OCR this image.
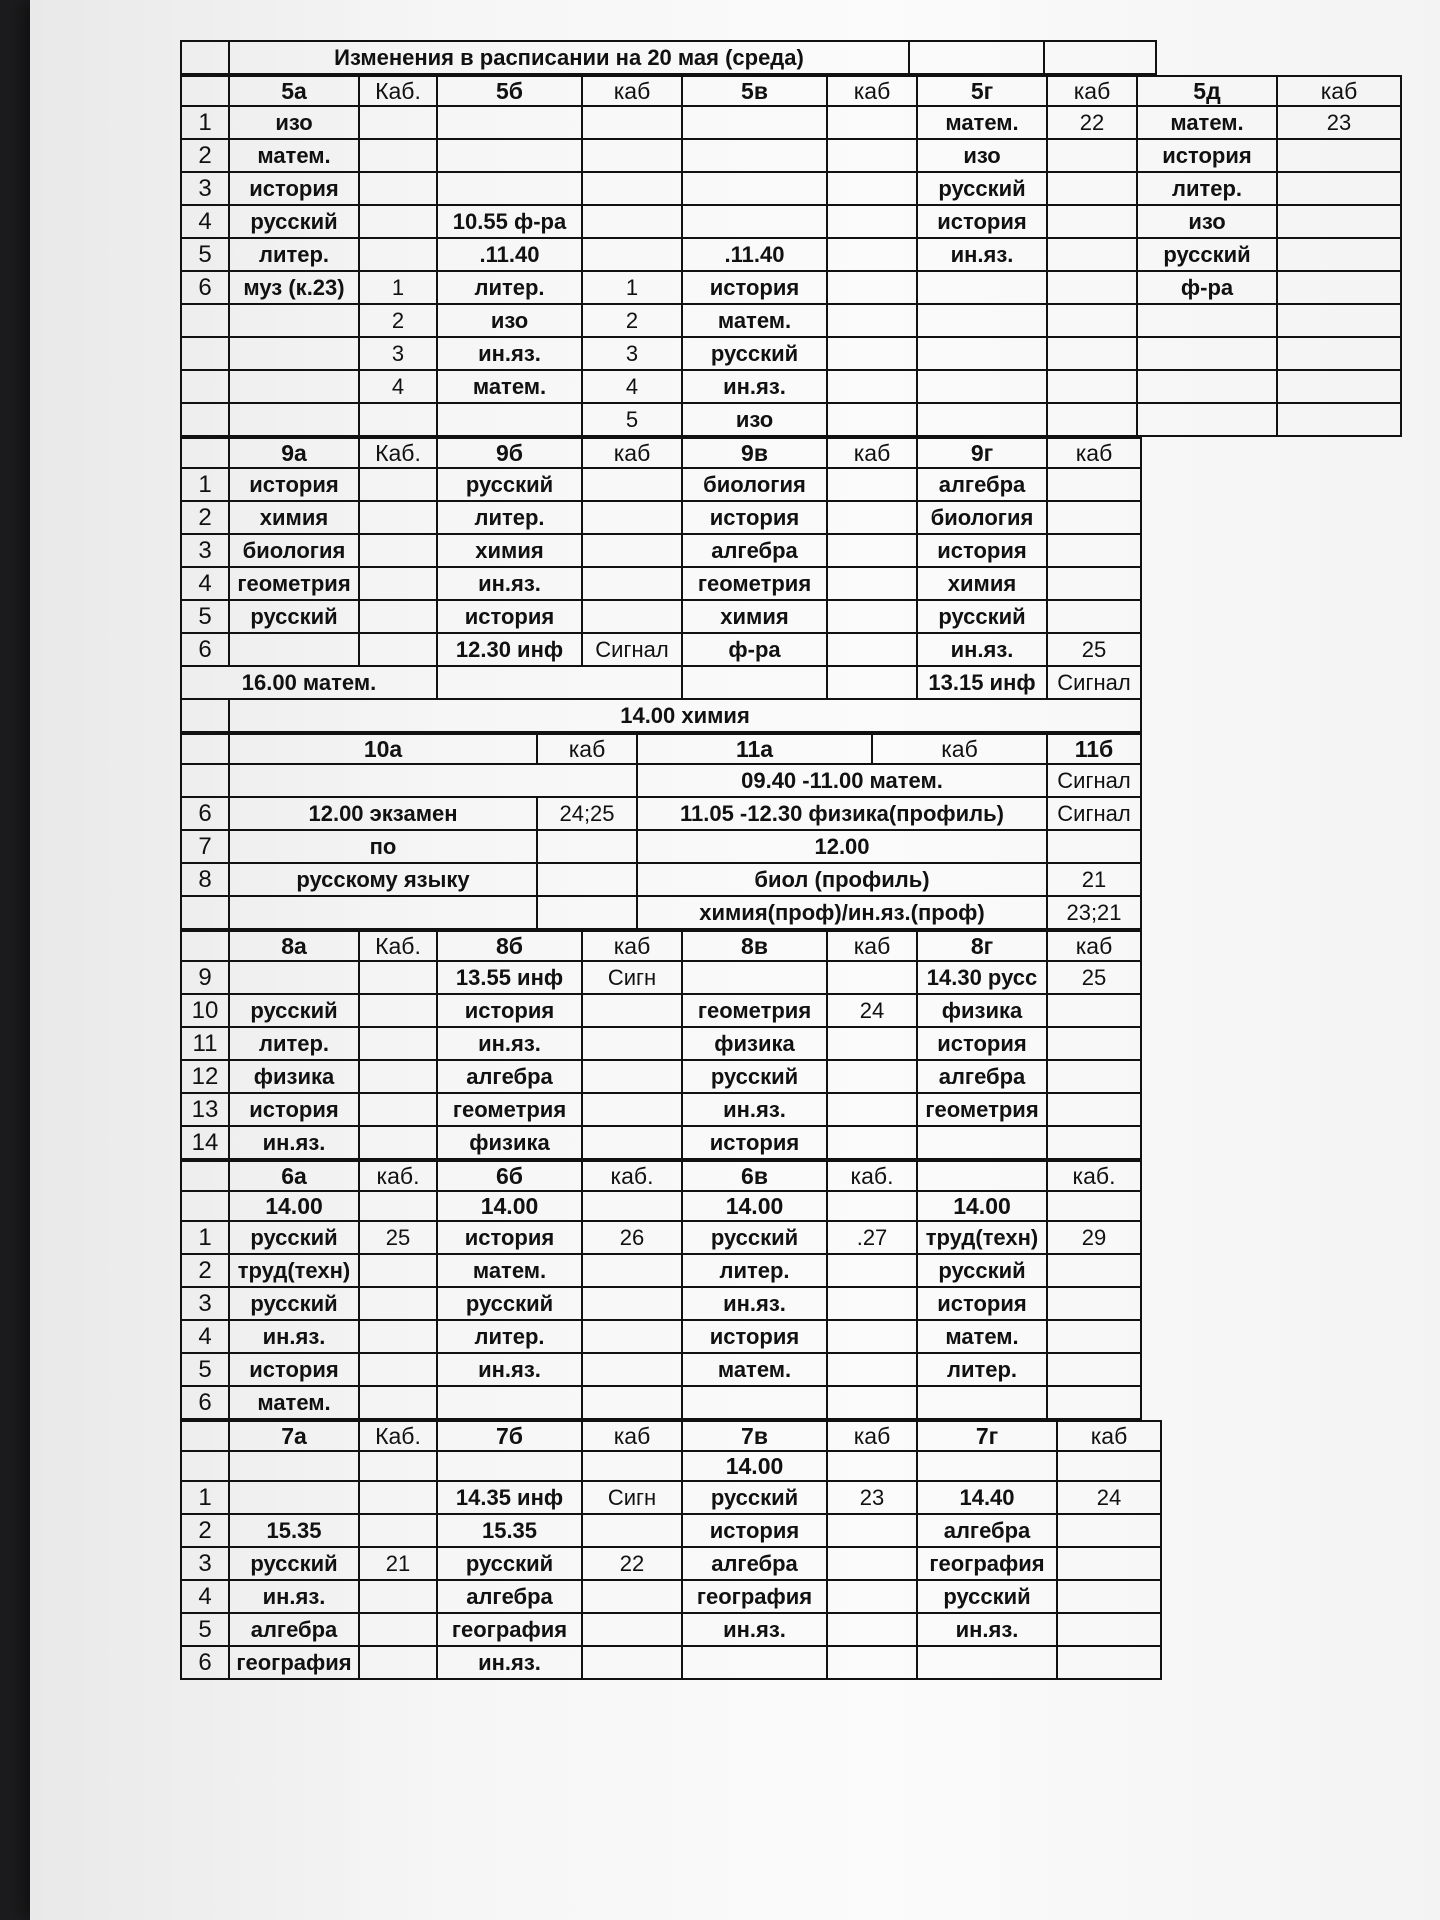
	Изменения в расписании на 20 мая (среда)		
	5а	Каб.	5б	каб	5в	каб	5г	каб	5д	каб
1	изо						матем.	22	матем.	23
2	матем.						изо		история	
3	история						русский		литер.	
4	русский		10.55 ф-ра				история		изо	
5	литер.		.11.40		.11.40		ин.яз.		русский	
6	муз (к.23)	1	литер.	1	история				ф-ра	
		2	изо	2	матем.					
		3	ин.яз.	3	русский					
		4	матем.	4	ин.яз.					
				5	изо					
	9а	Каб.	9б	каб	9в	каб	9г	каб
1	история		русский		биология		алгебра	
2	химия		литер.		история		биология	
3	биология		химия		алгебра		история	
4	геометрия		ин.яз.		геометрия		химия	
5	русский		история		химия		русский	
6			12.30 инф	Сигнал	ф-ра		ин.яз.	25
16.00 матем.							13.15 инф	Сигнал
	14.00 химия							
	10а	каб	11а	каб	11б	
			09.40 -11.00 матем.		Сигнал	
6	12.00 экзамен	24;25	11.05 -12.30 физика(профиль)		Сигнал	
7	по		12.00			
8	русскому языку		биол (профиль)		21	
			химия(проф)/ин.яз.(проф)		23;21	
	8а	Каб.	8б	каб	8в	каб	8г	каб
9			13.55 инф	Сигн			14.30 русс	25
10	русский		история		геометрия	24	физика	
11	литер.		ин.яз.		физика		история	
12	физика		алгебра		русский		алгебра	
13	история		геометрия		ин.яз.		геометрия	
14	ин.яз.		физика		история			
	6а	каб.	6б	каб.	6в	каб.		каб.
	14.00		14.00		14.00		14.00	
1	русский	25	история	26	русский	.27	труд(техн)	29
2	труд(техн)		матем.		литер.		русский	
3	русский		русский		ин.яз.		история	
4	ин.яз.		литер.		история		матем.	
5	история		ин.яз.		матем.		литер.	
6	матем.							
	7а	Каб.	7б	каб	7в	каб	7г	каб
					14.00			
1			14.35 инф	Сигн	русский	23	14.40	24
2	15.35		15.35		история		алгебра	
3	русский	21	русский	22	алгебра		география	
4	ин.яз.		алгебра		география		русский	
5	алгебра		география		ин.яз.		ин.яз.	
6	география		ин.яз.					
